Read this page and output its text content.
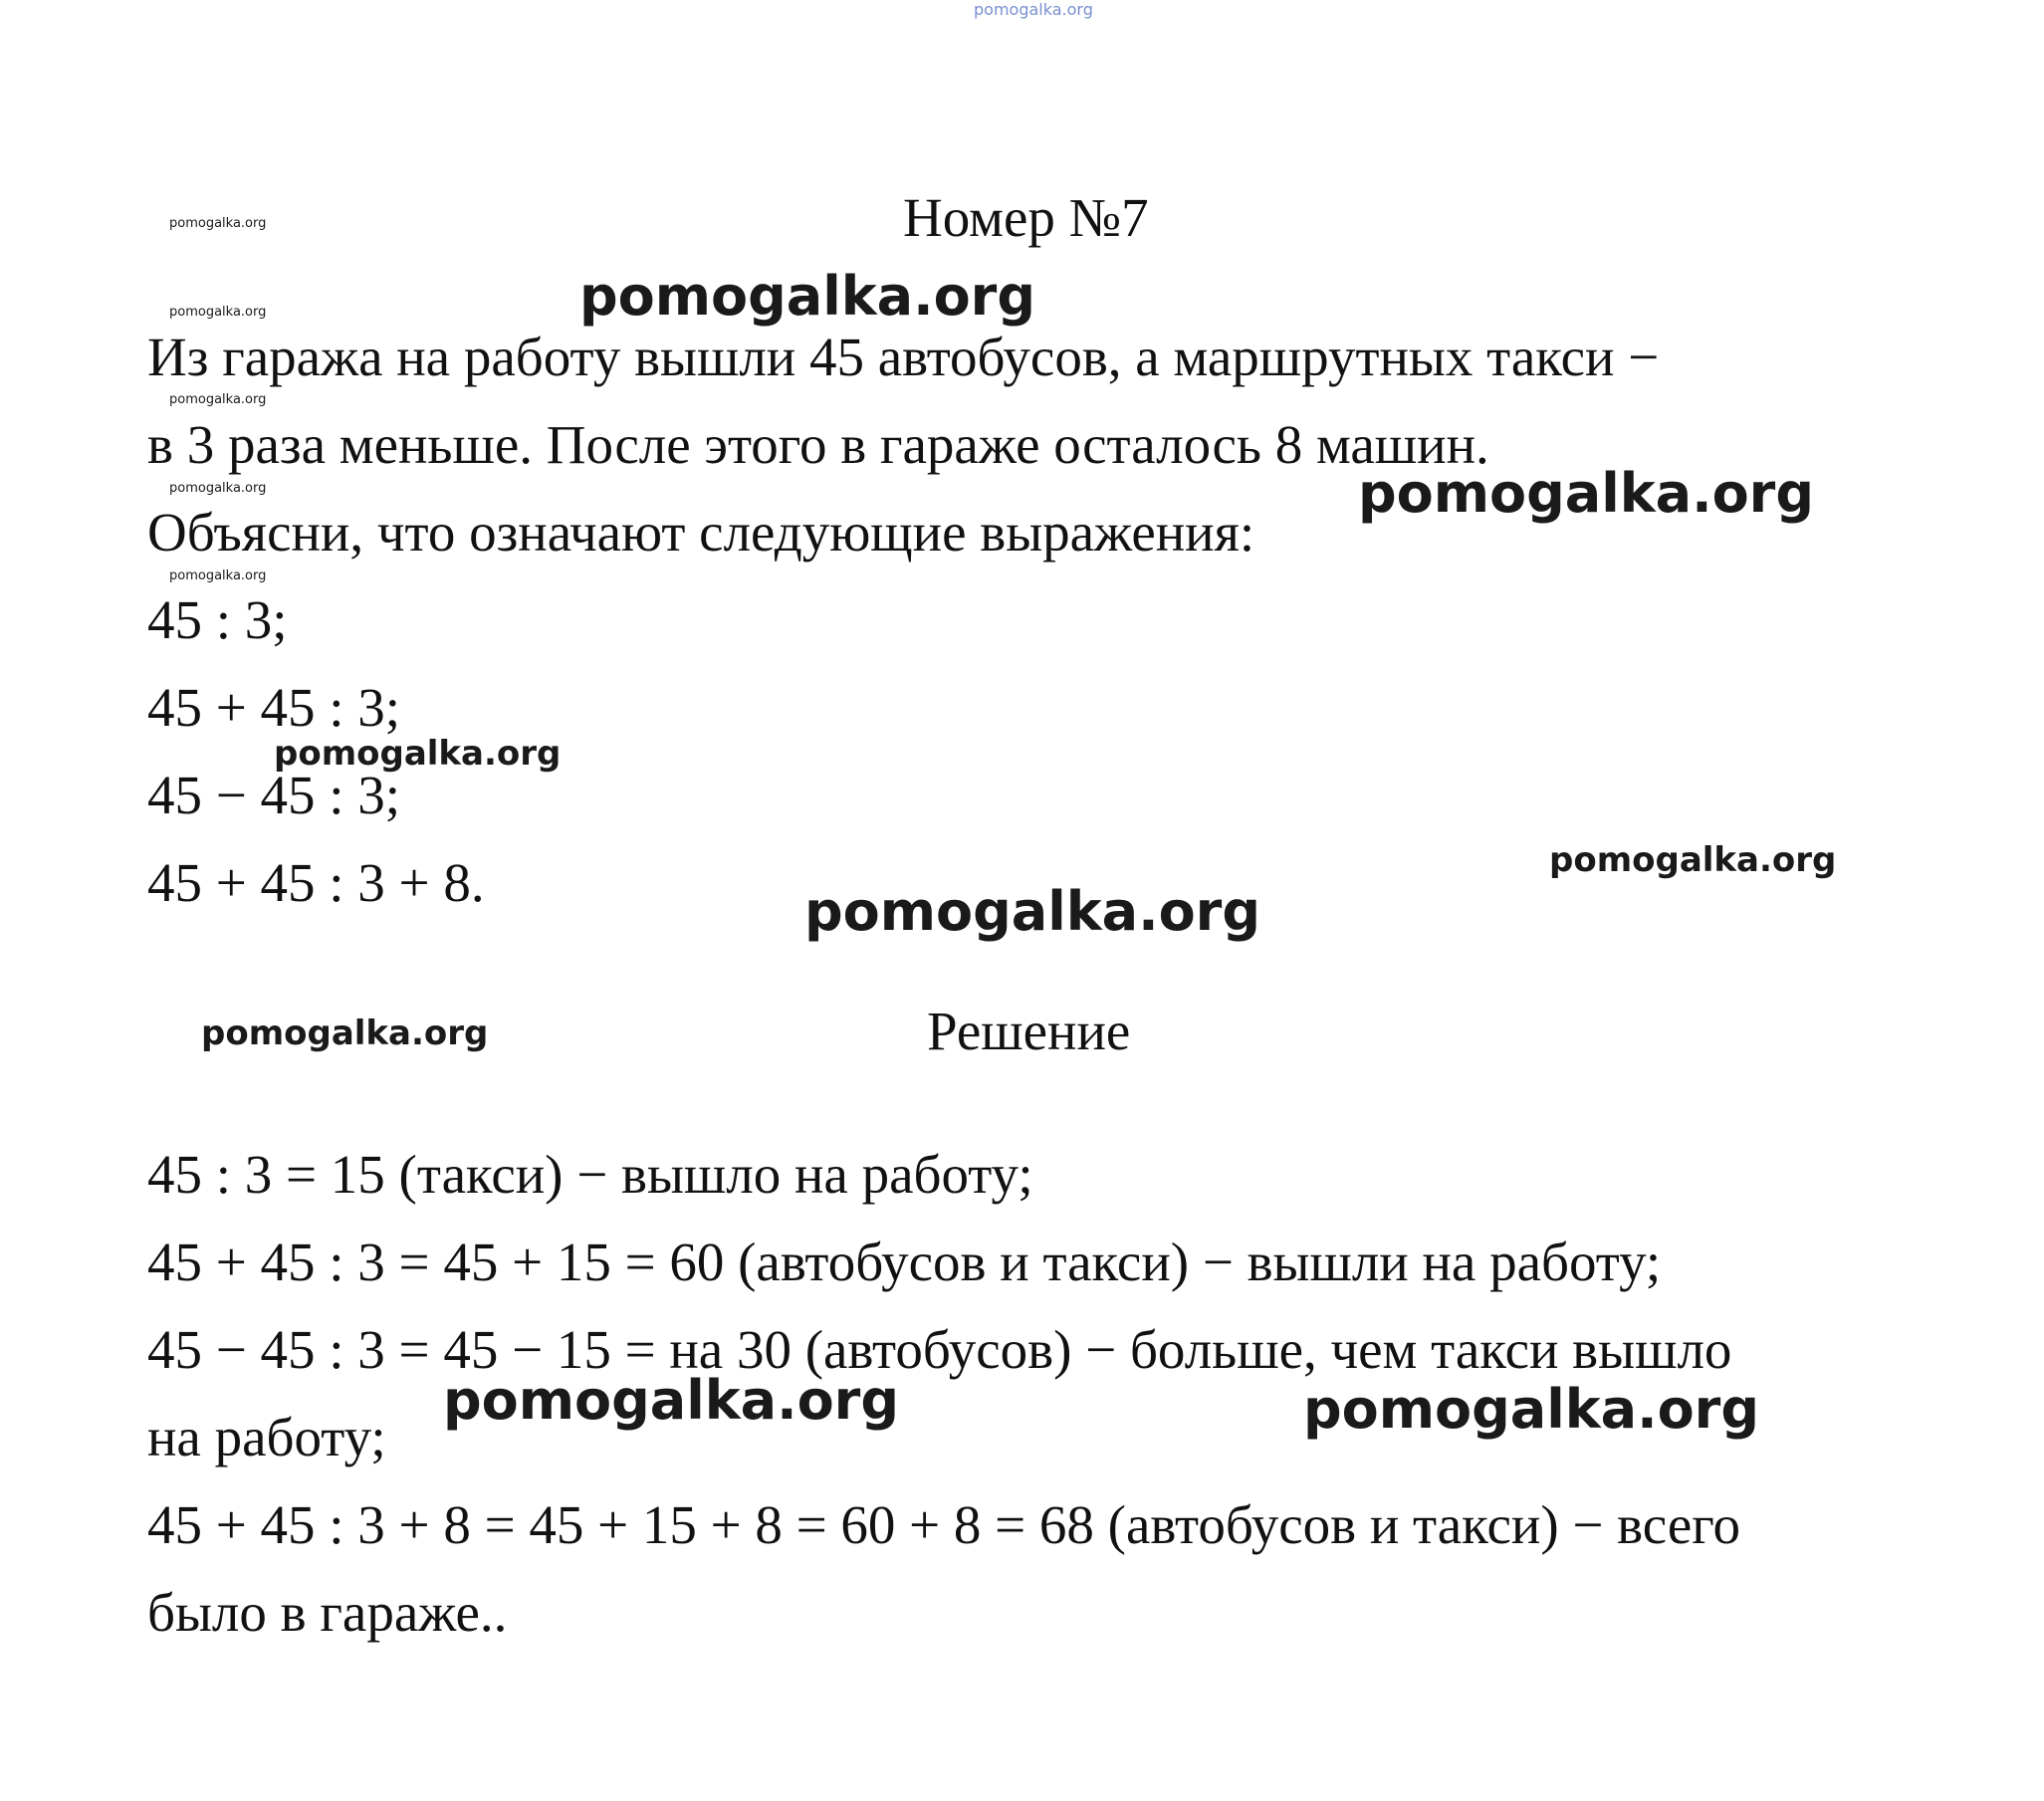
pomogalka.org
Номер №7
Из гаража на работу вышли 45 автобусов, а маршрутных такси −
в 3 раза меньше. После этого в гараже осталось 8 машин.
Объясни, что означают следующие выражения:
45 : 3;
45 + 45 : 3;
45 − 45 : 3;
45 + 45 : 3 + 8.
Решение
45 : 3 = 15 (такси) − вышло на работу;
45 + 45 : 3 = 45 + 15 = 60 (автобусов и такси) − вышли на работу;
45 − 45 : 3 = 45 − 15 = на 30 (автобусов) − больше, чем такси вышло
на работу;
45 + 45 : 3 + 8 = 45 + 15 + 8 = 60 + 8 = 68 (автобусов и такси) − всего
было в гараже..
pomogalka.org
pomogalka.org
pomogalka.org
pomogalka.org
pomogalka.org
pomogalka.org
pomogalka.org
pomogalka.org
pomogalka.org
pomogalka.org
pomogalka.org
pomogalka.org	pomogalka.org
